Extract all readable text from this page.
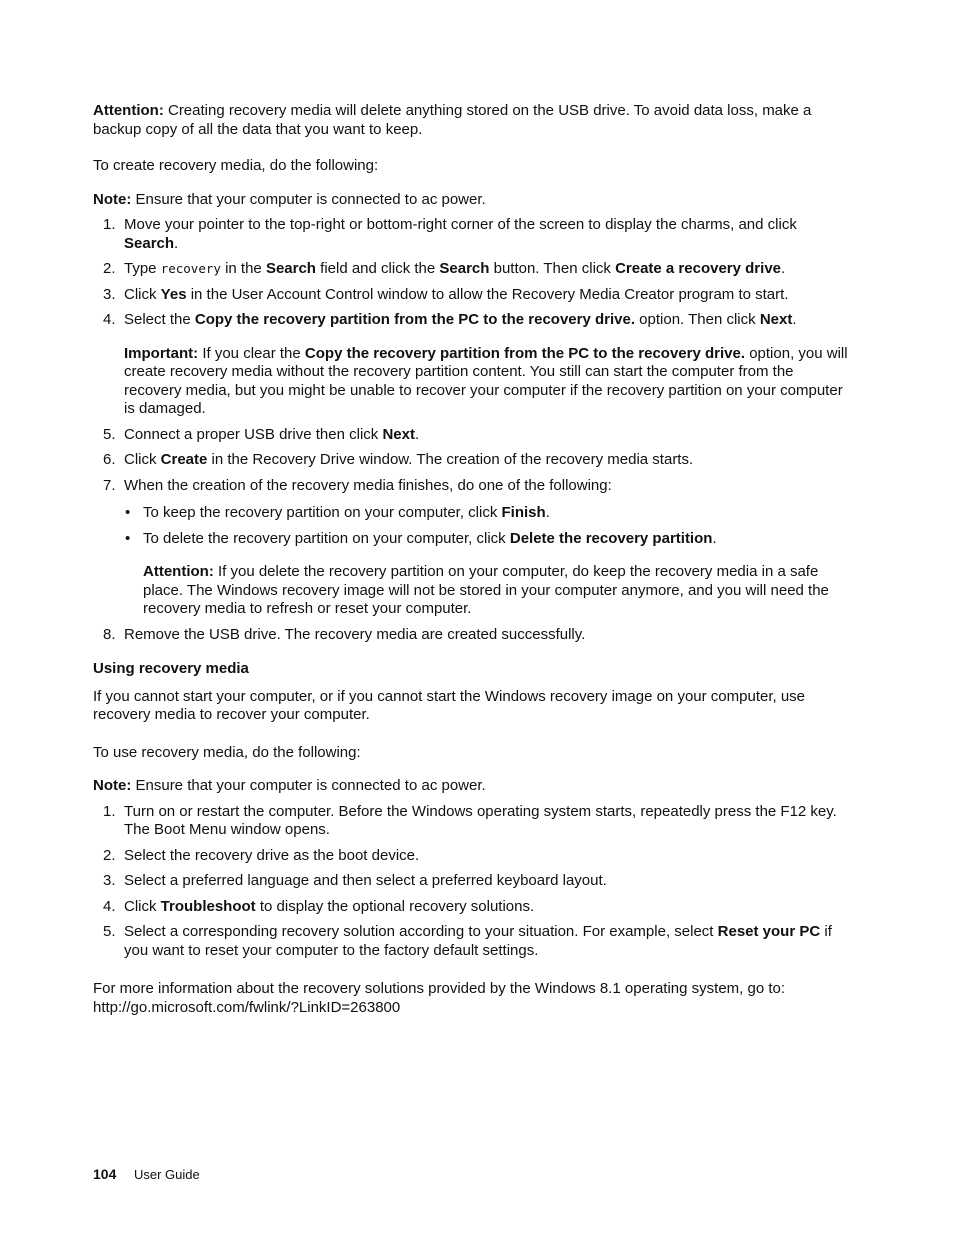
Attention: Creating recovery media will delete anything stored on the USB drive. To avoid data loss, make a backup copy of all the data that you want to keep.

To create recovery media, do the following:

Note: Ensure that your computer is connected to ac power.

1. Move your pointer to the top-right or bottom-right corner of the screen to display the charms, and click Search.
2. Type recovery in the Search field and click the Search button. Then click Create a recovery drive.
3. Click Yes in the User Account Control window to allow the Recovery Media Creator program to start.
4. Select the Copy the recovery partition from the PC to the recovery drive. option. Then click Next.

Important: If you clear the Copy the recovery partition from the PC to the recovery drive. option, you will create recovery media without the recovery partition content. You still can start the computer from the recovery media, but you might be unable to recover your computer if the recovery partition on your computer is damaged.

5. Connect a proper USB drive then click Next.
6. Click Create in the Recovery Drive window. The creation of the recovery media starts.
7. When the creation of the recovery media finishes, do one of the following:
• To keep the recovery partition on your computer, click Finish.
• To delete the recovery partition on your computer, click Delete the recovery partition.

Attention: If you delete the recovery partition on your computer, do keep the recovery media in a safe place. The Windows recovery image will not be stored in your computer anymore, and you will need the recovery media to refresh or reset your computer.

8. Remove the USB drive. The recovery media are created successfully.

Using recovery media

If you cannot start your computer, or if you cannot start the Windows recovery image on your computer, use recovery media to recover your computer.

To use recovery media, do the following:

Note: Ensure that your computer is connected to ac power.

1. Turn on or restart the computer. Before the Windows operating system starts, repeatedly press the F12 key. The Boot Menu window opens.
2. Select the recovery drive as the boot device.
3. Select a preferred language and then select a preferred keyboard layout.
4. Click Troubleshoot to display the optional recovery solutions.
5. Select a corresponding recovery solution according to your situation. For example, select Reset your PC if you want to reset your computer to the factory default settings.

For more information about the recovery solutions provided by the Windows 8.1 operating system, go to:
http://go.microsoft.com/fwlink/?LinkID=263800

104 User Guide
